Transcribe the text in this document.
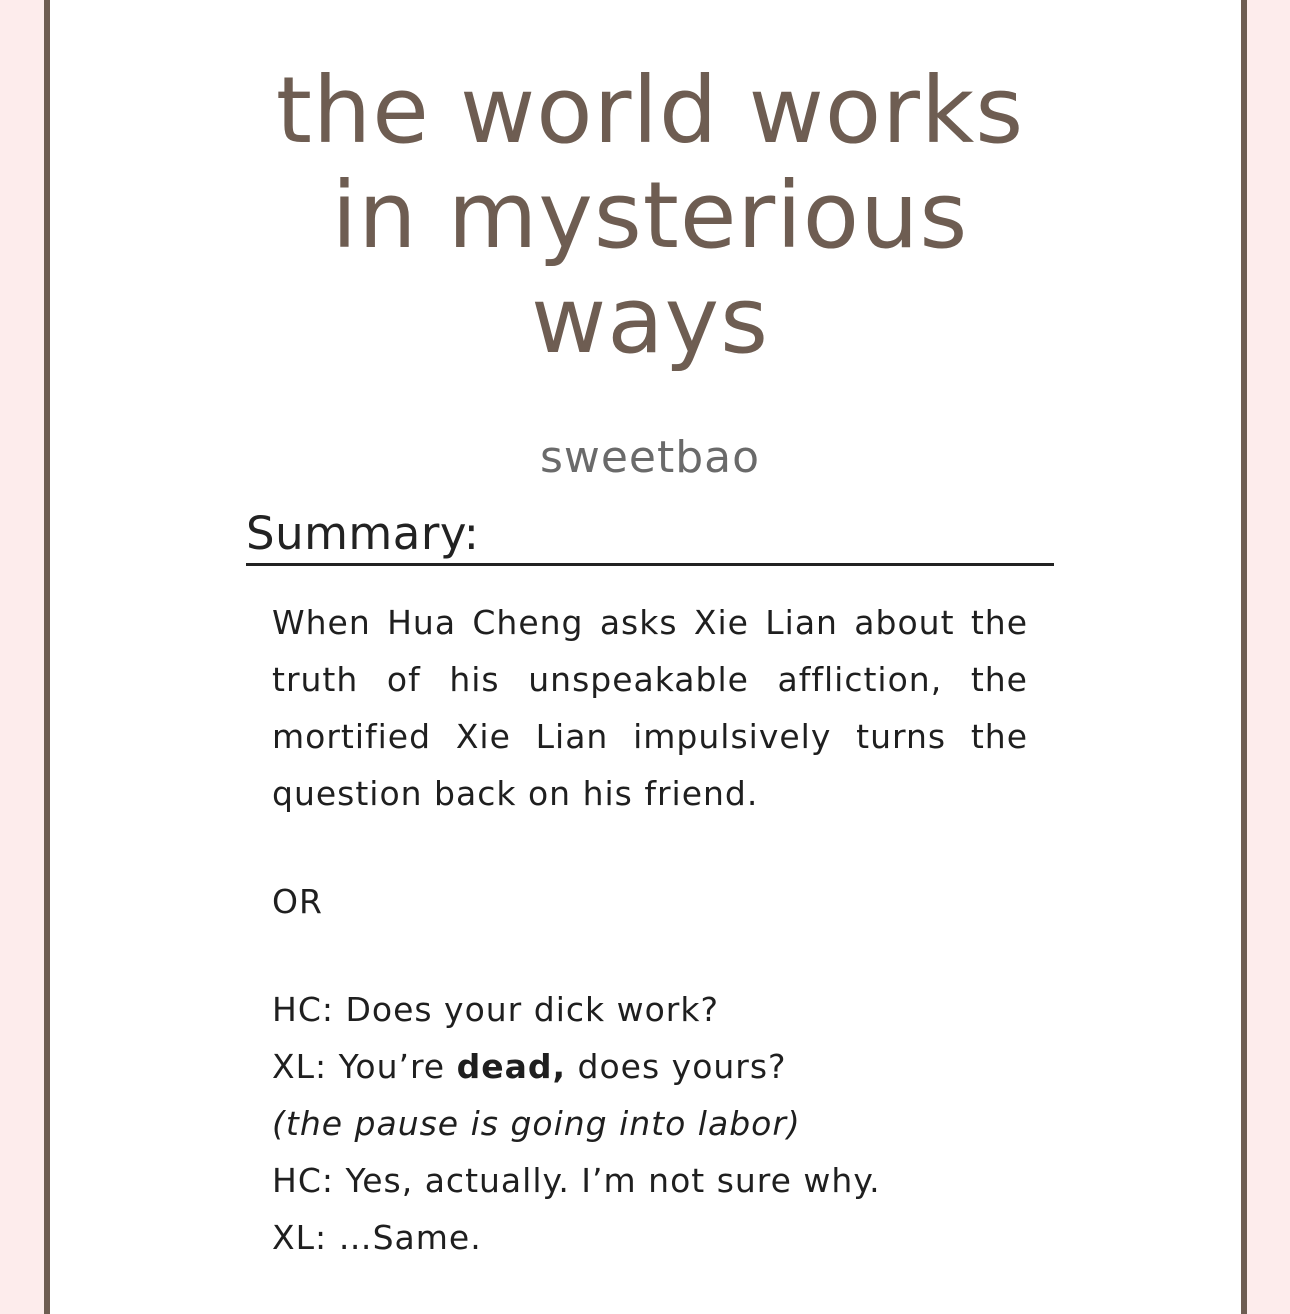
the world works in mysterious ways
sweetbao
Summary:

When Hua Cheng asks Xie Lian about the truth of his unspeakable affliction, the mortified Xie Lian impulsively turns the question back on his friend.

OR

HC: Does your dick work?

XL: You’re dead, does yours?

(the pause is going into labor)

HC: Yes, actually. I’m not sure why.

XL: …Same.
